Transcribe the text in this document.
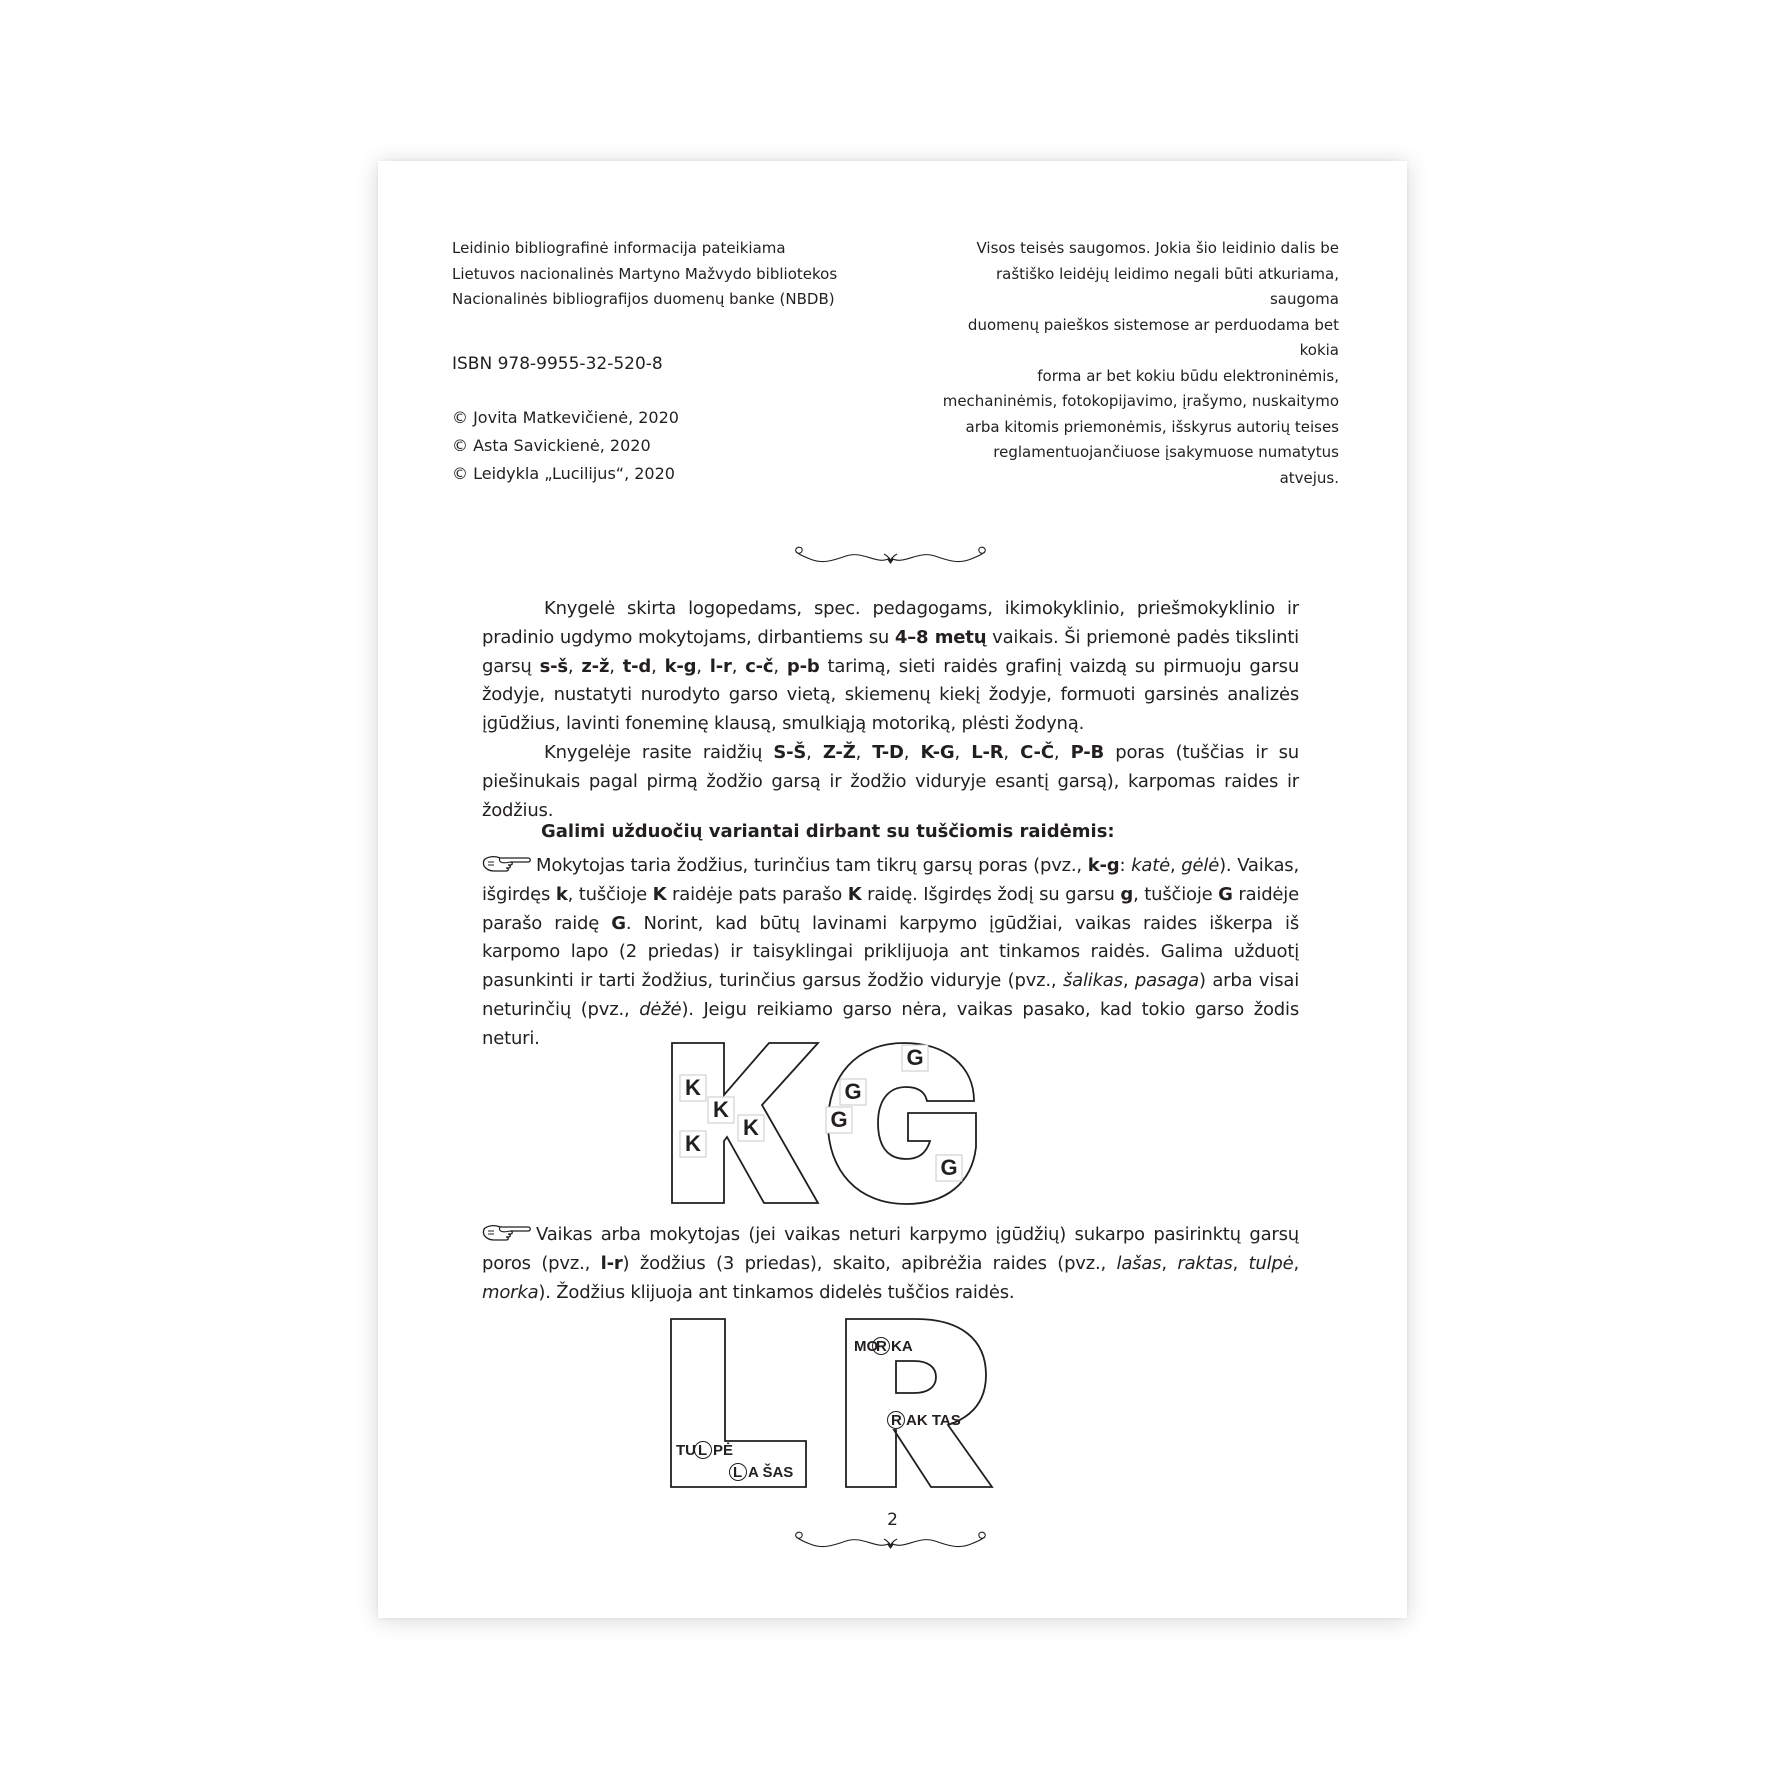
Leidinio bibliografinė informacija pateikiama

Lietuvos nacionalinės Martyno Mažvydo bibliotekos

Nacionalinės bibliografijos duomenų banke (NBDB)

ISBN 978-9955-32-520-8

© Jovita Matkevičienė, 2020

© Asta Savickienė, 2020

© Leidykla „Lucilijus“, 2020

Visos teisės saugomos. Jokia šio leidinio dalis be
raštiško leidėjų leidimo negali būti atkuriama, saugoma
duomenų paieškos sistemose ar perduodama bet kokia
forma ar bet kokiu būdu elektroninėmis,
mechaninėmis, fotokopijavimo, įrašymo, nuskaitymo
arba kitomis priemonėmis, išskyrus autorių teises
reglamentuojančiuose įsakymuose numatytus atvejus.

Knygelė skirta logopedams, spec. pedagogams, ikimokyklinio, priešmokyklinio ir pradinio ugdymo mokytojams, dirbantiems su 4–8 metų vaikais. Ši priemonė padės tikslinti garsų s-š, z-ž, t-d, k-g, l-r, c-č, p-b tarimą, sieti raidės grafinį vaizdą su pirmuoju garsu žodyje, nustatyti nurodyto garso vietą, skiemenų kiekį žodyje, formuoti garsinės analizės įgūdžius, lavinti foneminę klausą, smulkiąją motoriką, plėsti žodyną.

Knygelėje rasite raidžių S-Š, Z-Ž, T-D, K-G, L-R, C-Č, P-B poras (tuščias ir su piešinukais pagal pirmą žodžio garsą ir žodžio viduryje esantį garsą), karpomas raides ir žodžius.

Galimi užduočių variantai dirbant su tuščiomis raidėmis:

Mokytojas taria žodžius, turinčius tam tikrų garsų poras (pvz., k-g: katė, gėlė). Vaikas, išgirdęs k, tuščioje K raidėje pats parašo K raidę. Išgirdęs žodį su garsu g, tuščioje G raidėje parašo raidę G. Norint, kad būtų lavinami karpymo įgūdžiai, vaikas raides iškerpa iš karpomo lapo (2 priedas) ir taisyklingai priklijuoja ant tinkamos raidės. Galima užduotį pasunkinti ir tarti žodžius, turinčius garsus žodžio viduryje (pvz., šalikas, pasaga) arba visai neturinčių (pvz., dėžė). Jeigu reikiamo garso nėra, vaikas pasako, kad tokio garso žodis neturi.

K
K
K
K
G
G
G
G

Vaikas arba mokytojas (jei vaikas neturi karpymo įgūdžių) sukarpo pasirinktų garsų poros (pvz., l-r) žodžius (3 priedas), skaito, apibrėžia raides (pvz., lašas, raktas, tulpė, morka). Žodžius klijuoja ant tinkamos didelės tuščios raidės.

MO
R KA
R AK TAS
TU L PĖ
L A ŠAS
2
